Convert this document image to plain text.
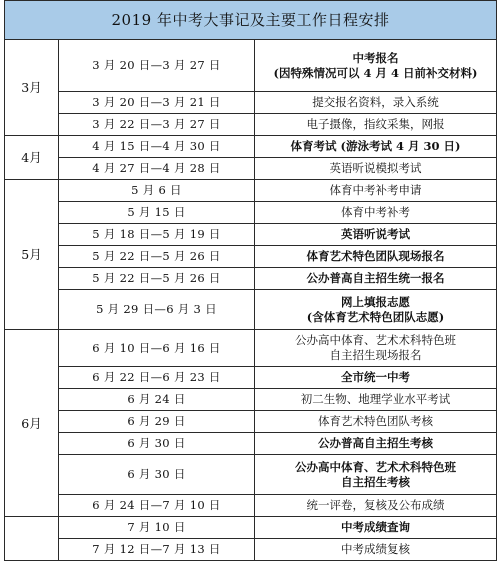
2019 年中考大事记及主要工作日程安排		
3月	3 月 20 日—3 月 27 日	中考报名
(因特殊情况可以 4 月 4 日前补交材料)

	3 月 20 日—3 月 21 日	提交报名资料，录入系统

	3 月 22 日—3 月 27 日	电子摄像，指纹采集，网报

4月	4 月 15 日—4 月 30 日	体育考试 (游泳考试 4 月 30 日)

	4 月 27 日—4 月 28 日	英语听说模拟考试

5月	5 月 6 日	体育中考补考申请

	5 月 15 日	体育中考补考

	5 月 18 日—5 月 19 日	英语听说考试

	5 月 22 日—5 月 26 日	体育艺术特色团队现场报名

	5 月 22 日—5 月 26 日	公办普高自主招生统一报名

	5 月 29 日—6 月 3 日	网上填报志愿
(含体育艺术特色团队志愿)

6月	6 月 10 日—6 月 16 日	公办高中体育、艺术术科特色班
自主招生现场报名

	6 月 22 日—6 月 23 日	全市统一中考

	6 月 24 日	初二生物、地理学业水平考试

	6 月 29 日	体育艺术特色团队考核

	6 月 30 日	公办普高自主招生考核

	6 月 30 日	公办高中体育、艺术术科特色班
自主招生考核

	6 月 24 日—7 月 10 日	统一评卷，复核及公布成绩

	7 月 10 日	中考成绩查询

	7 月 12 日—7 月 13 日	中考成绩复核
